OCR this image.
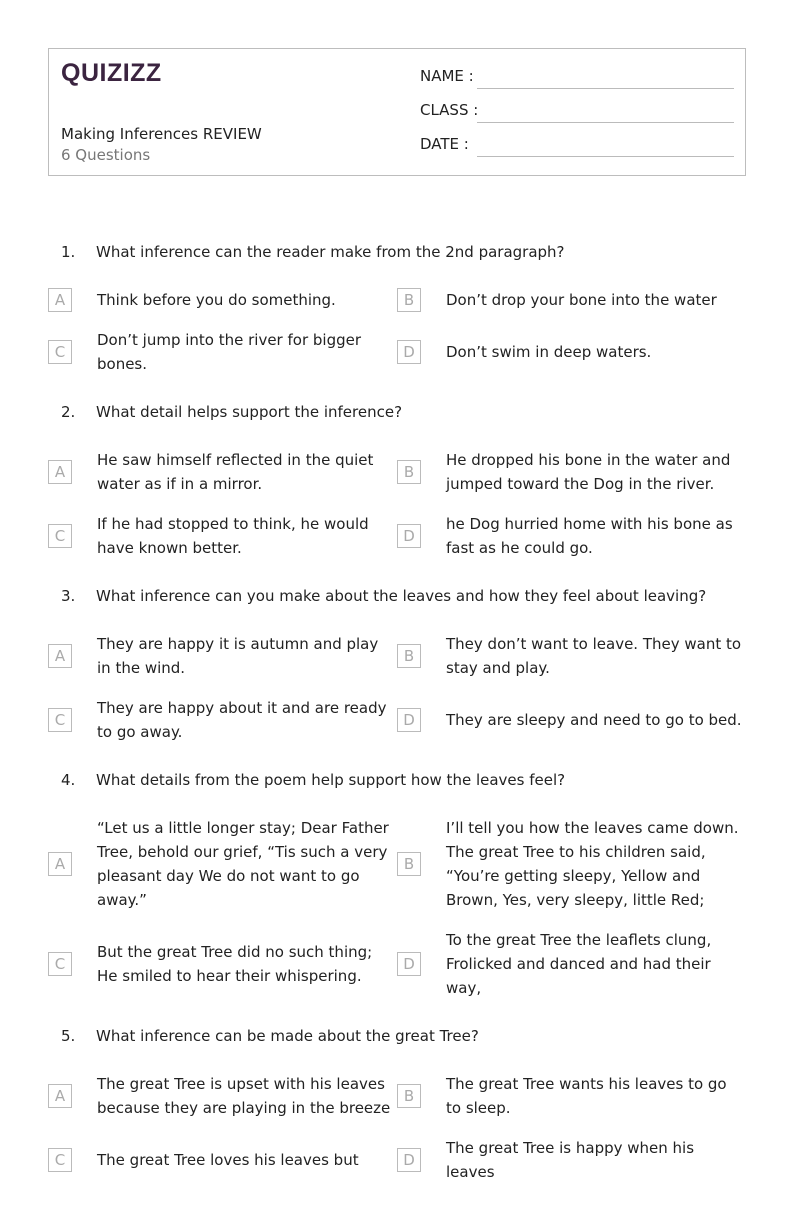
QUIZIZZ
Making Inferences REVIEW
6 Questions
NAME :
CLASS :
DATE :
1.	What inference can the reader make from the 2nd paragraph?
A	Think before you do something.	B	Don’t drop your bone into the water
C
Don’t jump into the river for bigger bones.
D	Don’t swim in deep waters.
2.	What detail helps support the inference?
A
He saw himself reflected in the quiet water as if in a mirror.
B
He dropped his bone in the water and jumped toward the Dog in the river.
C
If he had stopped to think, he would have known better.
D
he Dog hurried home with his bone as fast as he could go.
3.	What inference can you make about the leaves and how they feel about leaving?
A
They are happy it is autumn and play in the wind.
B
They don’t want to leave. They want to stay and play.
C
They are happy about it and are ready to go away.
D	They are sleepy and need to go to bed.
4.	What details from the poem help support how the leaves feel?
A
“Let us a little longer stay; Dear Father Tree, behold our grief, “Tis such a very pleasant day We do not want to go away.”
B
I’ll tell you how the leaves came down. The great Tree to his children said, “You’re getting sleepy, Yellow and Brown, Yes, very sleepy, little Red;
C
But the great Tree did no such thing; He smiled to hear their whispering.
D
To the great Tree the leaflets clung, Frolicked and danced and had their way,
5.	What inference can be made about the great Tree?
A
The great Tree is upset with his leaves because they are playing in the breeze
B
The great Tree wants his leaves to go to sleep.
C	The great Tree loves his leaves but	D
The great Tree is happy when his leaves
